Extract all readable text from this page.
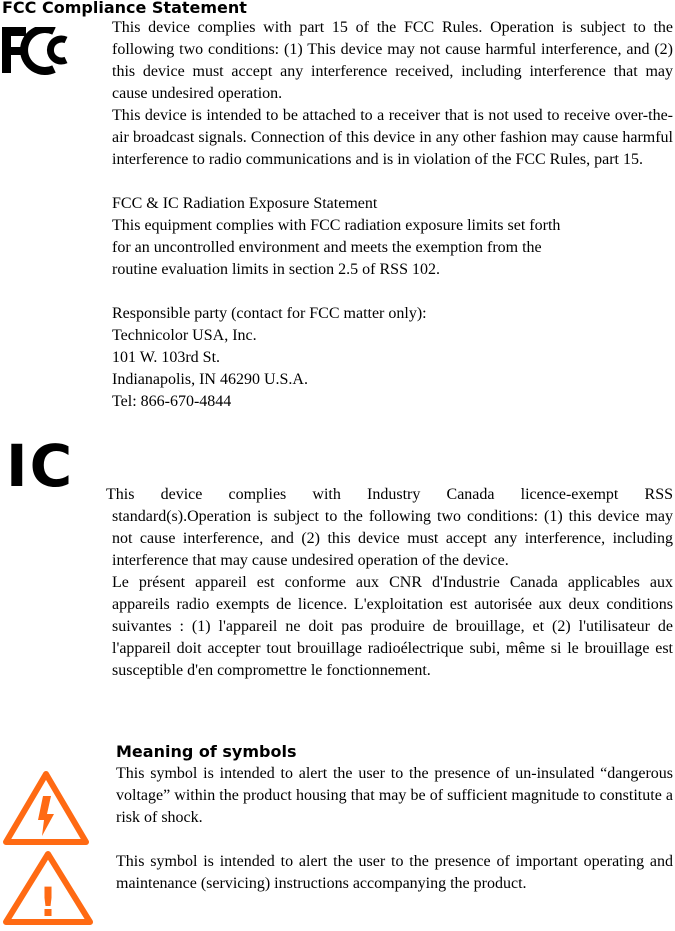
FCC Compliance Statement

This device complies with part 15 of the FCC Rules. Operation is subject to the following two conditions: (1) This device may not cause harmful interference, and (2) this device must accept any interference received, including interference that may cause undesired operation.

This device is intended to be attached to a receiver that is not used to receive over-the-air broadcast signals. Connection of this device in any other fashion may cause harmful interference to radio communications and is in violation of the FCC Rules, part 15.

FCC & IC Radiation Exposure Statement

This equipment complies with FCC radiation exposure limits set forth

for an uncontrolled environment and meets the exemption from the

routine evaluation limits in section 2.5 of RSS 102.

Responsible party (contact for FCC matter only):

Technicolor USA, Inc.

101 W. 103rd St.

Indianapolis, IN 46290 U.S.A.

Tel: 866-670-4844

IC This device complies with Industry Canada licence-exempt RSS

standard(s).Operation is subject to the following two conditions: (1) this device may not cause interference, and (2) this device must accept any interference, including interference that may cause undesired operation of the device.

Le présent appareil est conforme aux CNR d'Industrie Canada applicables aux appareils radio exempts de licence. L'exploitation est autorisée aux deux conditions suivantes : (1) l'appareil ne doit pas produire de brouillage, et (2) l'utilisateur de l'appareil doit accepter tout brouillage radioélectrique subi, même si le brouillage est susceptible d'en compromettre le fonctionnement.

Meaning of symbols
This symbol is intended to alert the user to the presence of un-insulated “dangerous voltage” within the product housing that may be of sufficient magnitude to constitute a risk of shock.
!
This symbol is intended to alert the user to the presence of important operating and maintenance (servicing) instructions accompanying the product.
